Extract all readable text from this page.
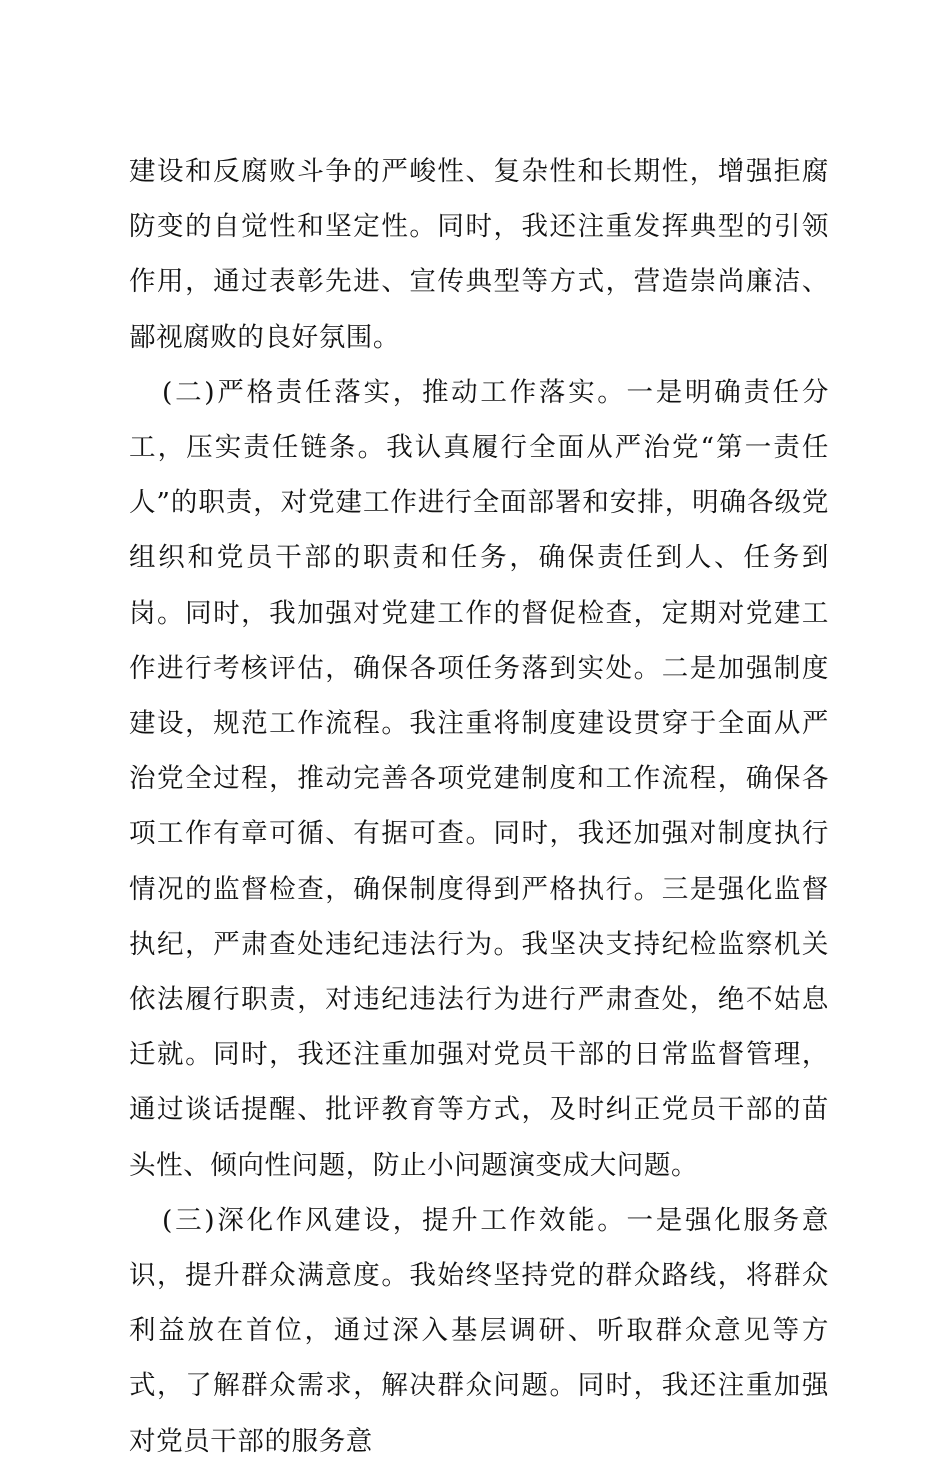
建设和反腐败斗争的严峻性、复杂性和长期性，增强拒腐防变的自觉性和坚定性。同时，我还注重发挥典型的引领作用，通过表彰先进、宣传典型等方式，营造崇尚廉洁、鄙视腐败的良好氛围。

(二)严格责任落实，推动工作落实。一是明确责任分工，压实责任链条。我认真履行全面从严治党“第一责任人”的职责，对党建工作进行全面部署和安排，明确各级党组织和党员干部的职责和任务，确保责任到人、任务到岗。同时，我加强对党建工作的督促检查，定期对党建工作进行考核评估，确保各项任务落到实处。二是加强制度建设，规范工作流程。我注重将制度建设贯穿于全面从严治党全过程，推动完善各项党建制度和工作流程，确保各项工作有章可循、有据可查。同时，我还加强对制度执行情况的监督检查，确保制度得到严格执行。三是强化监督执纪，严肃查处违纪违法行为。我坚决支持纪检监察机关依法履行职责，对违纪违法行为进行严肃查处，绝不姑息迁就。同时，我还注重加强对党员干部的日常监督管理，通过谈话提醒、批评教育等方式，及时纠正党员干部的苗头性、倾向性问题，防止小问题演变成大问题。

(三)深化作风建设，提升工作效能。一是强化服务意识，提升群众满意度。我始终坚持党的群众路线，将群众利益放在首位，通过深入基层调研、听取群众意见等方式，了解群众需求，解决群众问题。同时，我还注重加强对党员干部的服务意
